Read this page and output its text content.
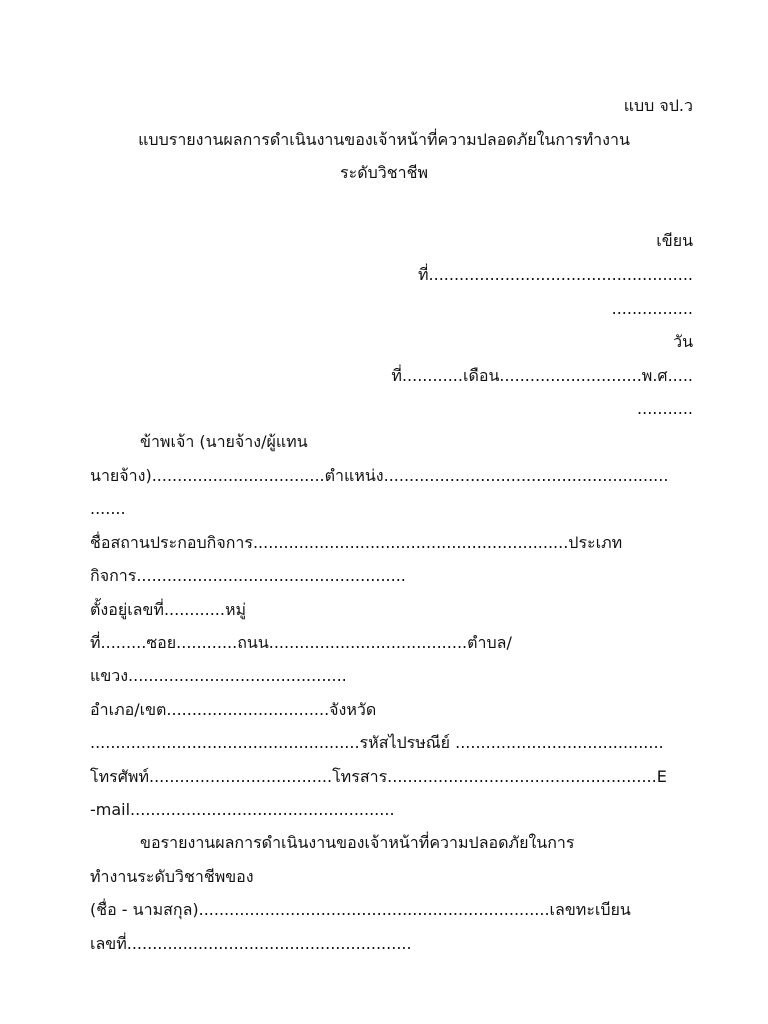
แบบ จป.ว
แบบรายงานผลการดำเนินงานของเจ้าหน้าที่ความปลอดภัยในการทำงาน
ระดับวิชาชีพ
เขียน
ที่....................................................
................
วัน
ที่............เดือน............................พ.ศ.....
...........
ข้าพเจ้า (นายจ้าง/ผู้แทน
นายจ้าง)..................................ตำแหน่ง........................................................
.......
ชื่อสถานประกอบกิจการ..............................................................ประเภท
กิจการ.....................................................
ตั้งอยู่เลขที่............หมู่
ที่.........ซอย............ถนน.......................................ตำบล/
แขวง...........................................
อำเภอ/เขต................................จังหวัด
.....................................................รหัสไปรษณีย์ .........................................
โทรศัพท์....................................โทรสาร.....................................................E
-mail....................................................
ขอรายงานผลการดำเนินงานของเจ้าหน้าที่ความปลอดภัยในการ
ทำงานระดับวิชาชีพของ
(ชื่อ - นามสกุล).....................................................................เลขทะเบียน
เลขที่........................................................
